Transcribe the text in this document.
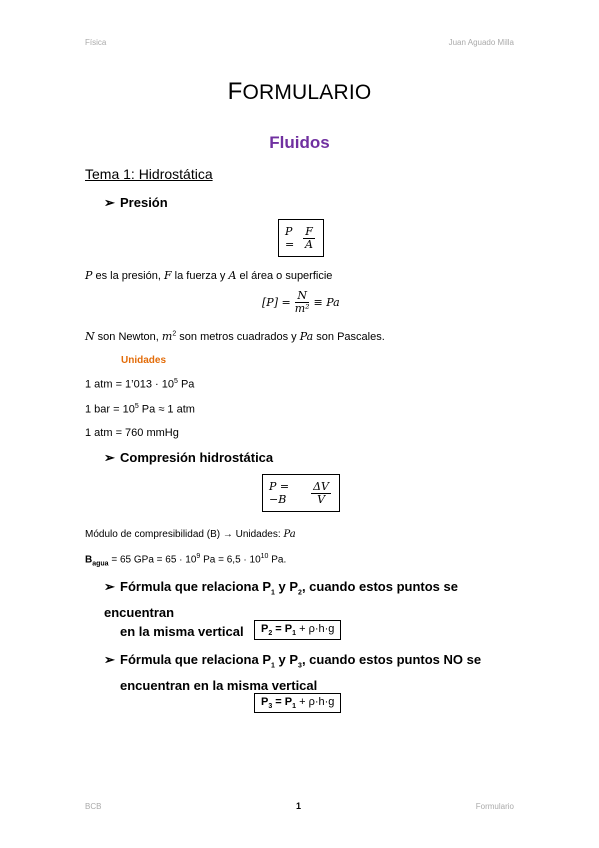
Física	Juan Aguado Milla
FORMULARIO
Fluidos
Tema 1: Hidrostática
➢ Presión
$P = \frac{F}{A}$
P es la presión, F la fuerza y A el área o superficie
$[P] = \frac{N}{\text{m²}} \equiv Pa$
N son Newton, $m^2$ son metros cuadrados y Pa son Pascales.
Unidades
1 atm = 1’013 · $10^5$ Pa
1 bar = $10^5$ Pa ≈ 1 atm
1 atm = 760 mmHg
➢ Compresión hidrostática
P = −B	$\frac{\Delta V}{V}$
Módulo de compresibilidad (B) → Unidades: Pa
$B_{agua} = 65$ GPa = $65 \cdot 10^9$ $Pa = 6,5 \cdot 10^{10}$ Pa.
➢ Fórmula que relaciona $P_1$ y $P_2$, cuando estos puntos se encuentran
en la misma vertical	$P_2 = P_1 + \rho\cdot h\cdot g$
➢ Fórmula que relaciona $P_1$ y $P_3$, cuando estos puntos NO se
encuentran en la misma vertical
$P_3 = P_1 + \rho\cdot h\cdot g$
BCB	1	Formulario
